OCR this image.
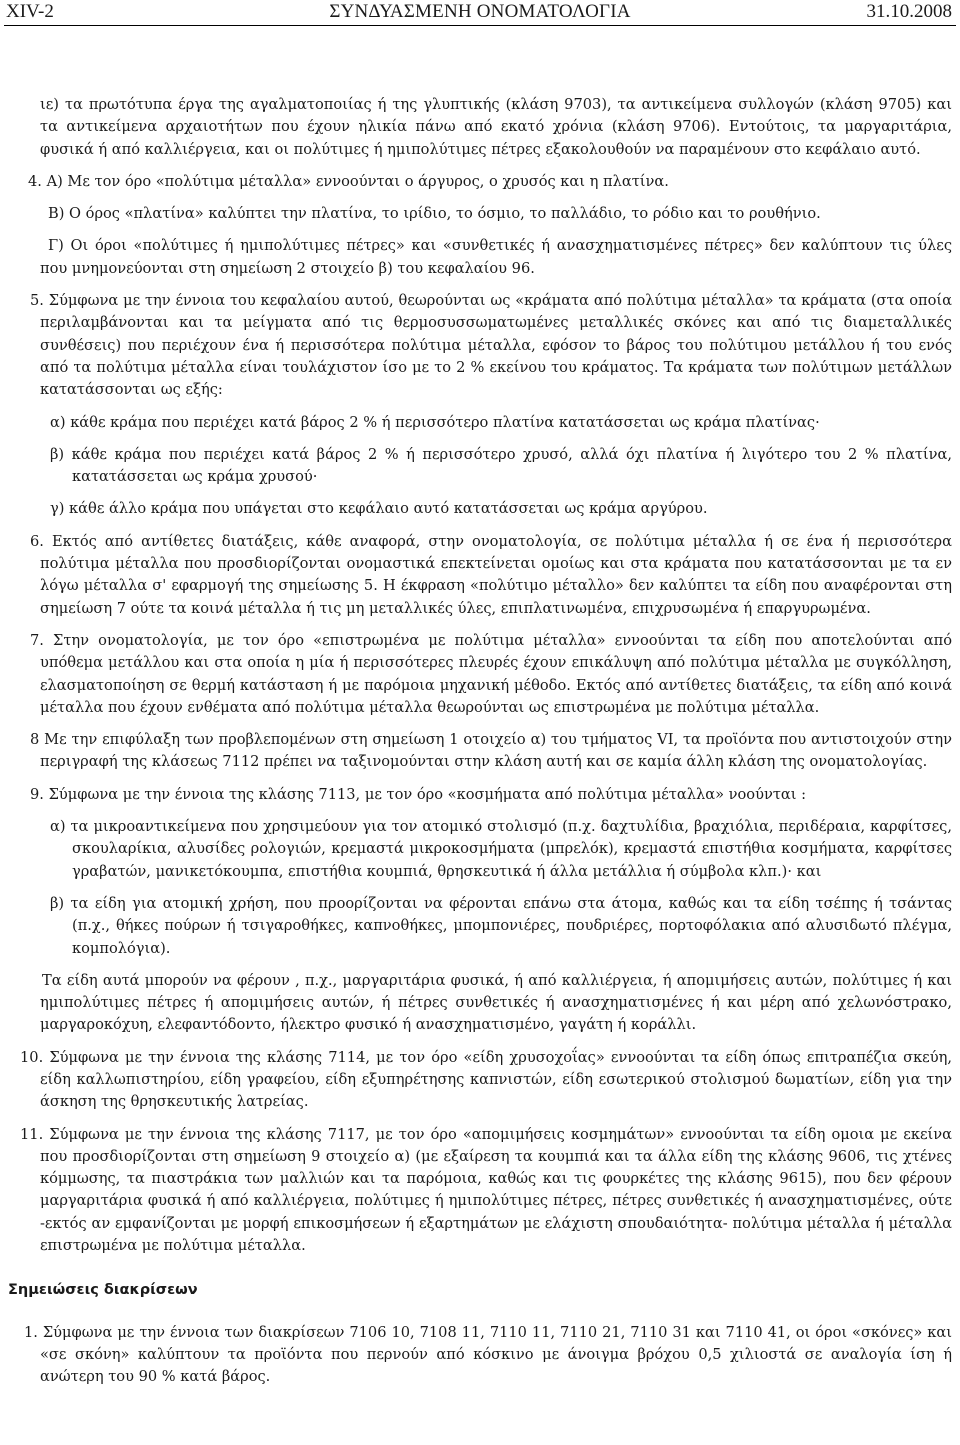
XIV-2	ΣΥΝΔΥΑΣΜΕΝΗ ΟΝΟΜΑΤΟΛΟΓΙΑ	31.10.2008

ιε) τα πρωτότυπα έργα της αγαλματοποιίας ή της γλυπτικής (κλάση 9703), τα αντικείμενα συλλογών (κλάση 9705) και τα αντικείμενα αρχαιοτήτων που έχουν ηλικία πάνω από εκατό χρόνια (κλάση 9706). Εντούτοις, τα μαργαριτάρια, φυσικά ή από καλλιέργεια, και οι πολύτιμες ή ημιπολύτιμες πέτρες εξακολουθούν να παραμένουν στο κεφάλαιο αυτό.

4. A) Με τον όρο «πολύτιμα μέταλλα» εννοούνται ο άργυρος, ο χρυσός και η πλατίνα.

B) Ο όρος «πλατίνα» καλύπτει την πλατίνα, το ιρίδιο, το όσμιο, το παλλάδιο, το ρόδιο και το ρουθήνιο.

Γ) Οι όροι «πολύτιμες ή ημιπολύτιμες πέτρες» και «συνθετικές ή ανασχηματισμένες πέτρες» δεν καλύπτουν τις ύλες που μνημονεύονται στη σημείωση 2 στοιχείο β) του κεφαλαίου 96.

5. Σύμφωνα με την έννοια του κεφαλαίου αυτού, θεωρούνται ως «κράματα από πολύτιμα μέταλλα» τα κράματα (στα οποία περιλαμβάνονται και τα μείγματα από τις θερμοσυσσωματωμένες μεταλλικές σκόνες και από τις διαμεταλλικές συνθέσεις) που περιέχουν ένα ή περισσότερα πολύτιμα μέταλλα, εφόσον το βάρος του πολύτιμου μετάλλου ή του ενός από τα πολύτιμα μέταλλα είναι τουλάχιστον ίσο με το 2 % εκείνου του κράματος. Τα κράματα των πολύτιμων μετάλλων κατατάσσονται ως εξής:

α) κάθε κράμα που περιέχει κατά βάρος 2 % ή περισσότερο πλατίνα κατατάσσεται ως κράμα πλατίνας·

β) κάθε κράμα που περιέχει κατά βάρος 2 % ή περισσότερο χρυσό, αλλά όχι πλατίνα ή λιγότερο του 2 % πλατίνα, κατατάσσεται ως κράμα χρυσού·

γ) κάθε άλλο κράμα που υπάγεται στο κεφάλαιο αυτό κατατάσσεται ως κράμα αργύρου.

6. Εκτός από αντίθετες διατάξεις, κάθε αναφορά, στην ονοματολογία, σε πολύτιμα μέταλλα ή σε ένα ή περισσότερα πολύτιμα μέταλλα που προσδιορίζονται ονομαστικά επεκτείνεται ομοίως και στα κράματα που κατατάσσονται με τα εν λόγω μέταλλα σ' εφαρμογή της σημείωσης 5. Η έκφραση «πολύτιμο μέταλλο» δεν καλύπτει τα είδη που αναφέρονται στη σημείωση 7 ούτε τα κοινά μέταλλα ή τις μη μεταλλικές ύλες, επιπλατινωμένα, επιχρυσωμένα ή επαργυρωμένα.

7. Στην ονοματολογία, με τον όρο «επιστρωμένα με πολύτιμα μέταλλα» εννοούνται τα είδη που αποτελούνται από υπόθεμα μετάλλου και στα οποία η μία ή περισσότερες πλευρές έχουν επικάλυψη από πολύτιμα μέταλλα με συγκόλληση, ελασματοποίηση σε θερμή κατάσταση ή με παρόμοια μηχανική μέθοδο. Εκτός από αντίθετες διατάξεις, τα είδη από κοινά μέταλλα που έχουν ενθέματα από πολύτιμα μέταλλα θεωρούνται ως επιστρωμένα με πολύτιμα μέταλλα.

8 Με την επιφύλαξη των προβλεπομένων στη σημείωση 1 οτοιχείο α) του τμήματος VI, τα προϊόντα που αντιστοιχούν στην περιγραφή της κλάσεως 7112 πρέπει να ταξινομούνται στην κλάση αυτή και σε καμία άλλη κλάση της ονοματολογίας.

9. Σύμφωνα με την έννοια της κλάσης 7113, με τον όρο «κοσμήματα από πολύτιμα μέταλλα» νοούνται :

α) τα μικροαντικείμενα που χρησιμεύουν για τον ατομικό στολισμό (π.χ. δαχτυλίδια, βραχιόλια, περιδέραια, καρφίτσες, σκουλαρίκια, αλυσίδες ρολογιών, κρεμαστά μικροκοσμήματα (μπρελόκ), κρεμαστά επιστήθια κοσμήματα, καρφίτσες γραβατών, μανικετόκουμπα, επιστήθια κουμπιά, θρησκευτικά ή άλλα μετάλλια ή σύμβολα κλπ.)· και

β) τα είδη για ατομική χρήση, που προορίζονται να φέρονται επάνω στα άτομα, καθώς και τα είδη τσέπης ή τσάντας (π.χ., θήκες πούρων ή τσιγαροθήκες, καπνοθήκες, μπομπονιέρες, πουδριέρες, πορτοφόλακια από αλυσιδωτό πλέγμα, κομπολόγια).

Τα είδη αυτά μπορούν να φέρουν , π.χ., μαργαριτάρια φυσικά, ή από καλλιέργεια, ή απομιμήσεις αυτών, πολύτιμες ή και ημιπολύτιμες πέτρες ή απομιμήσεις αυτών, ή πέτρες συνθετικές ή ανασχηματισμένες ή και μέρη από χελωνόστρακο, μαργαροκόχυη, ελεφαντόδοντο, ήλεκτρο φυσικό ή ανασχηματισμένο, γαγάτη ή κοράλλι.

10. Σύμφωνα με την έννοια της κλάσης 7114, με τον όρο «είδη χρυσοχοΐας» εννοούνται τα είδη όπως επιτραπέζια σκεύη, είδη καλλωπιστηρίου, είδη γραφείου, είδη εξυπηρέτησης καπνιστών, είδη εσωτερικού στολισμού δωματίων, είδη για την άσκηση της θρησκευτικής λατρείας.

11. Σύμφωνα με την έννοια της κλάσης 7117, με τον όρο «απομιμήσεις κοσμημάτων» εννοούνται τα είδη ομοια με εκείνα που προσδιορίζονται στη σημείωση 9 στοιχείο α) (με εξαίρεση τα κουμπιά και τα άλλα είδη της κλάσης 9606, τις χτένες κόμμωσης, τα πιαστράκια των μαλλιών και τα παρόμοια, καθώς και τις φουρκέτες της κλάσης 9615), που δεν φέρουν μαργαριτάρια φυσικά ή από καλλιέργεια, πολύτιμες ή ημιπολύτιμες πέτρες, πέτρες συνθετικές ή ανασχηματισμένες, ούτε -εκτός αν εμφανίζονται με μορφή επικοσμήσεων ή εξαρτημάτων με ελάχιστη σπουδαιότητα- πολύτιμα μέταλλα ή μέταλλα επιστρωμένα με πολύτιμα μέταλλα.

Σημειώσεις διακρίσεων

1. Σύμφωνα με την έννοια των διακρίσεων 7106 10, 7108 11, 7110 11, 7110 21, 7110 31 και 7110 41, οι όροι «σκόνες» και «σε σκόνη» καλύπτουν τα προϊόντα που περνούν από κόσκινο με άνοιγμα βρόχου 0,5 χιλιοστά σε αναλογία ίση ή ανώτερη του 90 % κατά βάρος.
